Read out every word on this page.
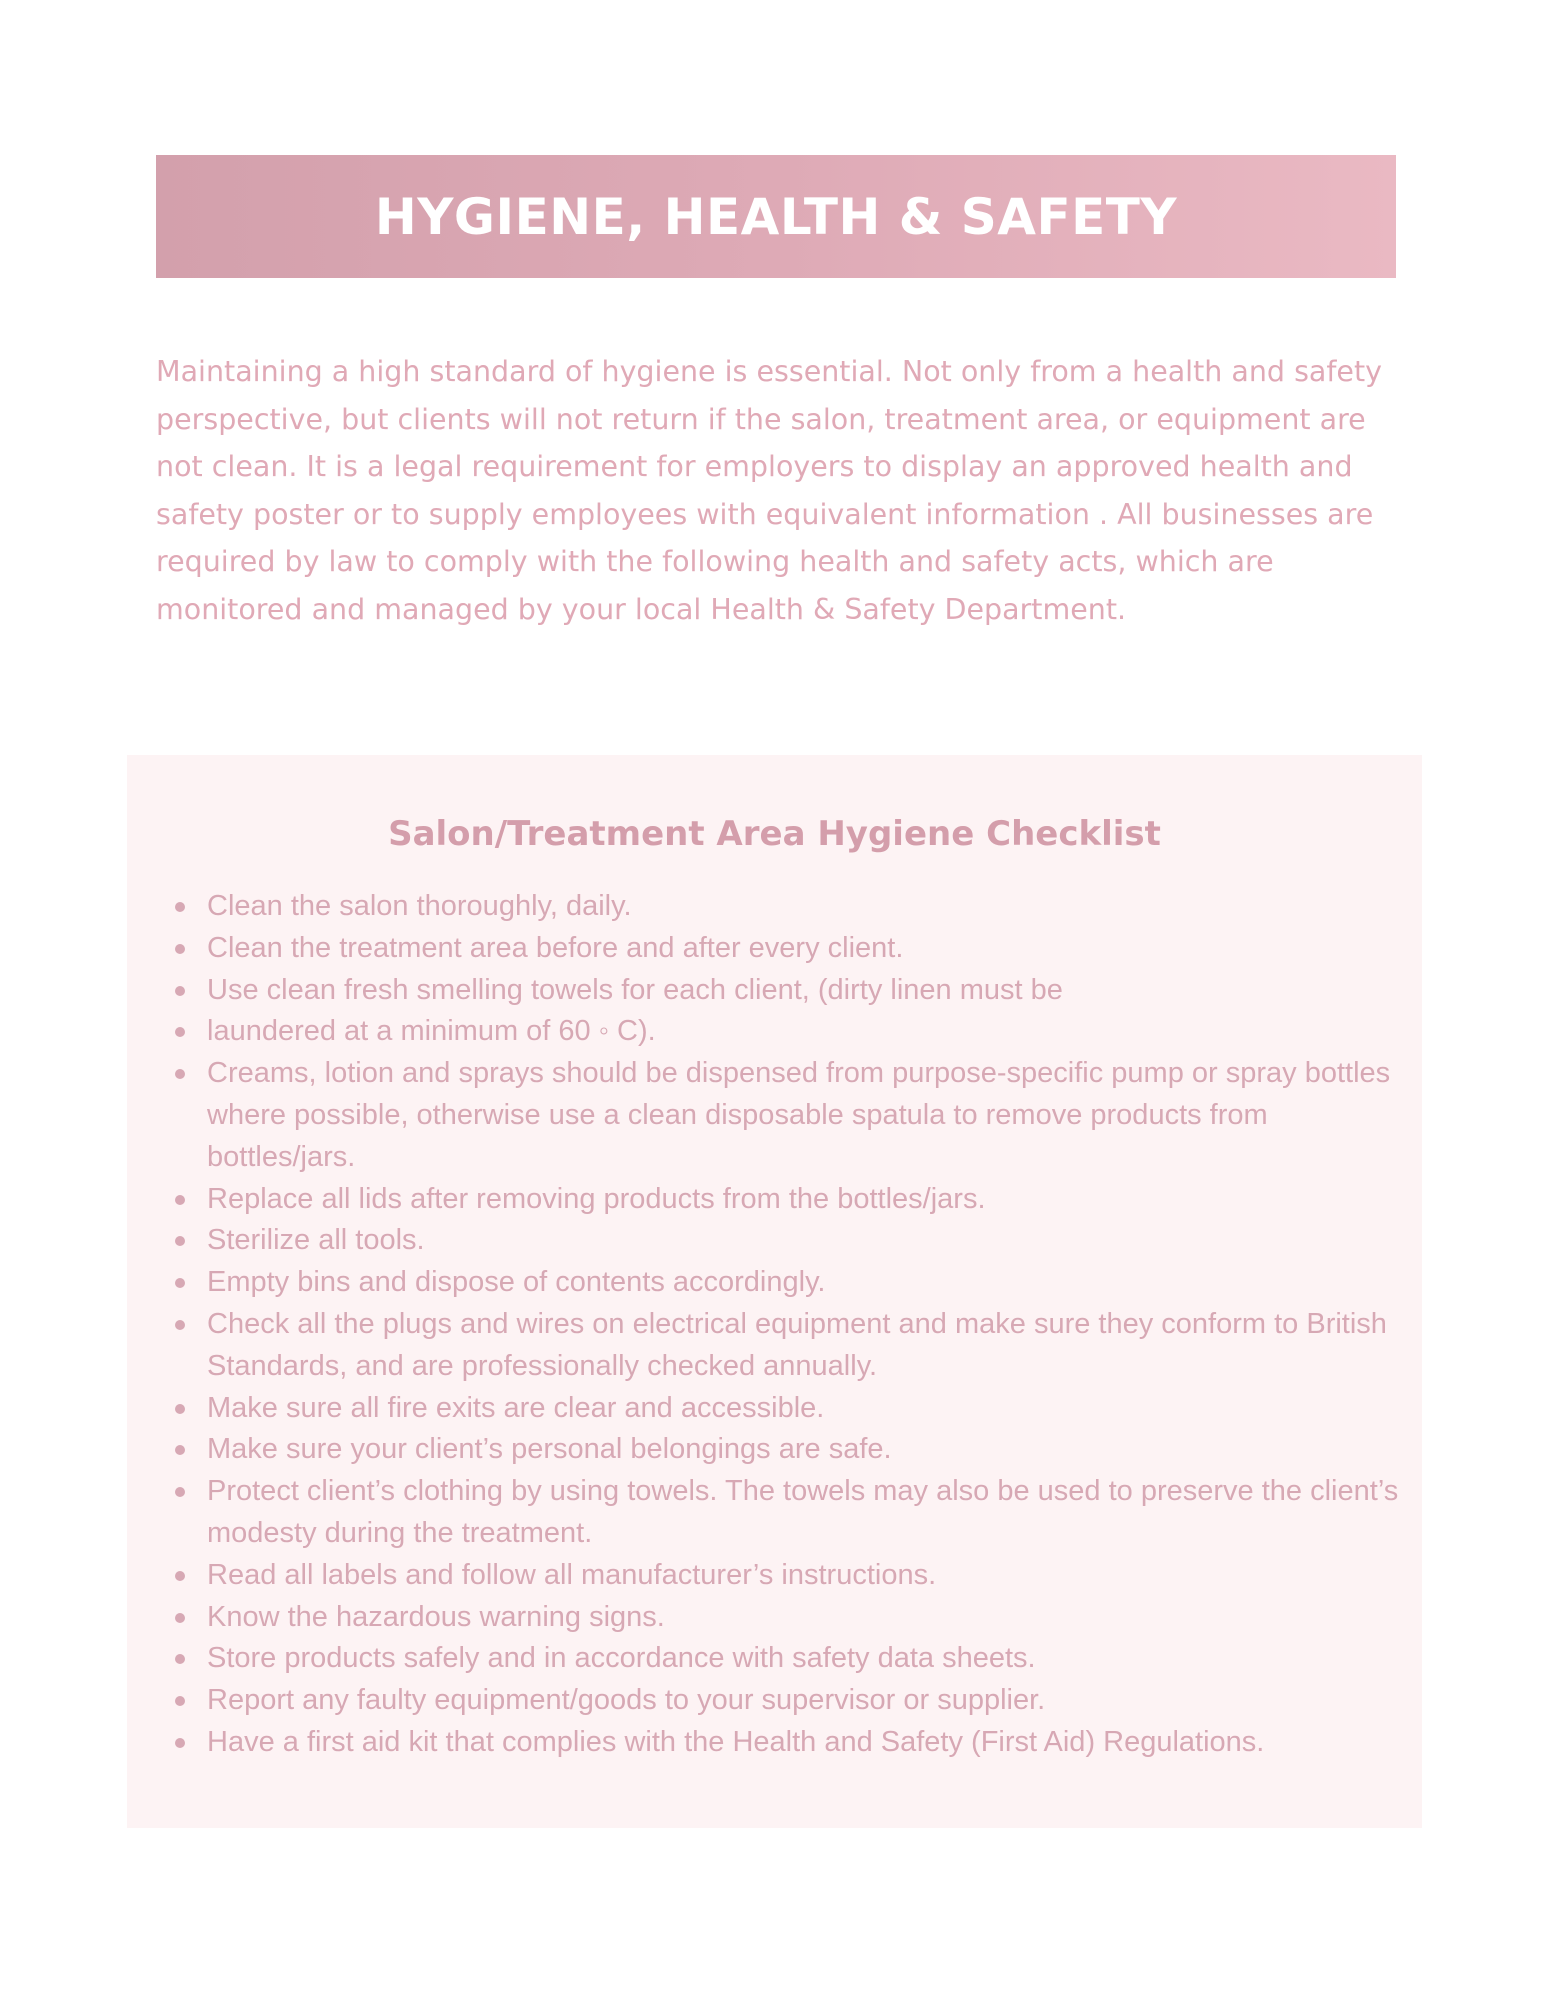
HYGIENE, HEALTH & SAFETY

Maintaining a high standard of hygiene is essential. Not only from a health and safety perspective, but clients will not return if the salon, treatment area, or equipment are not clean. It is a legal requirement for employers to display an approved health and safety poster or to supply employees with equivalent information . All businesses are required by law to comply with the following health and safety acts, which are monitored and managed by your local Health & Safety Department.

Salon/Treatment Area Hygiene Checklist
Clean the salon thoroughly, daily.
Clean the treatment area before and after every client.
Use clean fresh smelling towels for each client, (dirty linen must be
laundered at a minimum of 60 ◦ C).
Creams, lotion and sprays should be dispensed from purpose-specific pump or spray bottles where possible, otherwise use a clean disposable spatula to remove products from bottles/jars.
Replace all lids after removing products from the bottles/jars.
Sterilize all tools.
Empty bins and dispose of contents accordingly.
Check all the plugs and wires on electrical equipment and make sure they conform to British Standards, and are professionally checked annually.
Make sure all fire exits are clear and accessible.
Make sure your client’s personal belongings are safe.
Protect client’s clothing by using towels. The towels may also be used to preserve the client’s modesty during the treatment.
Read all labels and follow all manufacturer’s instructions.
Know the hazardous warning signs.
Store products safely and in accordance with safety data sheets.
Report any faulty equipment/goods to your supervisor or supplier.
Have a first aid kit that complies with the Health and Safety (First Aid) Regulations.
